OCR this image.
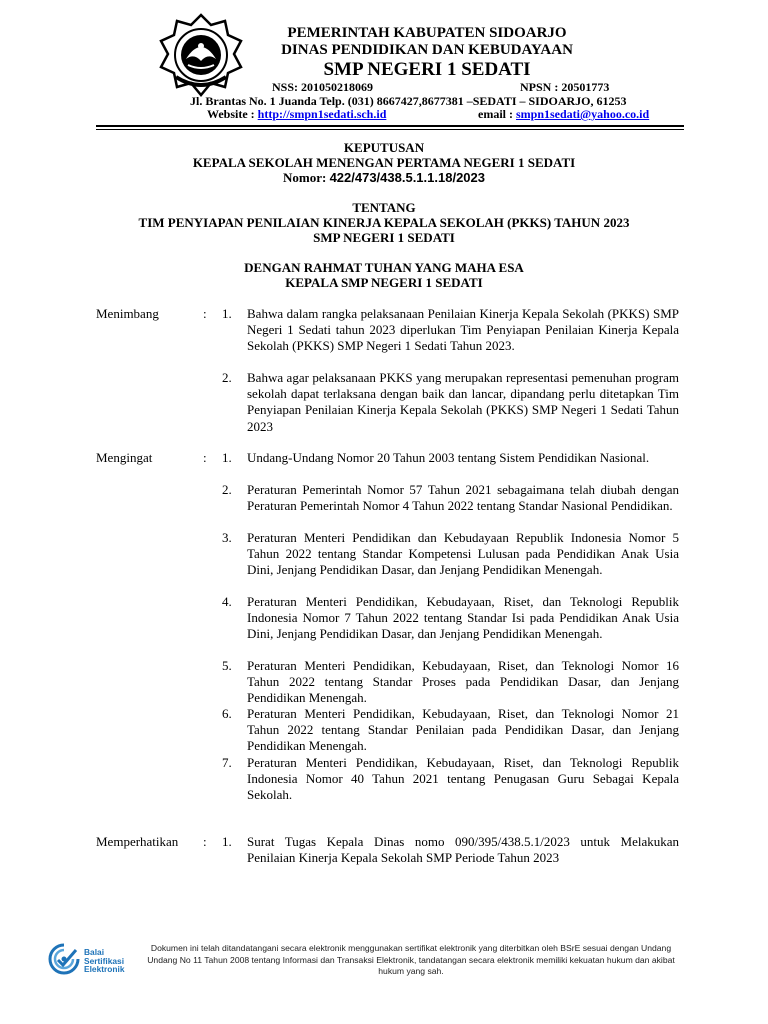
PEMERINTAH KABUPATEN SIDOARJO
DINAS PENDIDIKAN DAN KEBUDAYAAN
SMP NEGERI 1 SEDATI
NSS: 201050218069	NPSN : 20501773
Jl. Brantas No. 1 Juanda Telp. (031) 8667427,8677381 –SEDATI – SIDOARJO, 61253
Website : http://smpn1sedati.sch.id	email : smpn1sedati@yahoo.co.id
KEPUTUSAN
KEPALA SEKOLAH MENENGAN PERTAMA NEGERI 1 SEDATI
Nomor: 422/473/438.5.1.1.18/2023
TENTANG
TIM PENYIAPAN PENILAIAN KINERJA KEPALA SEKOLAH (PKKS) TAHUN 2023
SMP NEGERI 1 SEDATI
DENGAN RAHMAT TUHAN YANG MAHA ESA
KEPALA SMP NEGERI 1 SEDATI
Menimbang	: 1. Bahwa dalam rangka pelaksanaan Penilaian Kinerja Kepala Sekolah (PKKS) SMP Negeri 1 Sedati tahun 2023 diperlukan Tim Penyiapan Penilaian Kinerja Kepala Sekolah (PKKS) SMP Negeri 1 Sedati Tahun 2023.
2. Bahwa agar pelaksanaan PKKS yang merupakan representasi pemenuhan program sekolah dapat terlaksana dengan baik dan lancar, dipandang perlu ditetapkan Tim Penyiapan Penilaian Kinerja Kepala Sekolah (PKKS) SMP Negeri 1 Sedati Tahun 2023
Mengingat	: 1. Undang-Undang Nomor 20 Tahun 2003 tentang Sistem Pendidikan Nasional.
2. Peraturan Pemerintah Nomor 57 Tahun 2021 sebagaimana telah diubah dengan Peraturan Pemerintah Nomor 4 Tahun 2022 tentang Standar Nasional Pendidikan.
3. Peraturan Menteri Pendidikan dan Kebudayaan Republik Indonesia Nomor 5 Tahun 2022 tentang Standar Kompetensi Lulusan pada Pendidikan Anak Usia Dini, Jenjang Pendidikan Dasar, dan Jenjang Pendidikan Menengah.
4. Peraturan Menteri Pendidikan, Kebudayaan, Riset, dan Teknologi Republik Indonesia Nomor 7 Tahun 2022 tentang Standar Isi pada Pendidikan Anak Usia Dini, Jenjang Pendidikan Dasar, dan Jenjang Pendidikan Menengah.
5. Peraturan Menteri Pendidikan, Kebudayaan, Riset, dan Teknologi Nomor 16 Tahun 2022 tentang Standar Proses pada Pendidikan Dasar, dan Jenjang Pendidikan Menengah.
6. Peraturan Menteri Pendidikan, Kebudayaan, Riset, dan Teknologi Nomor 21 Tahun 2022 tentang Standar Penilaian pada Pendidikan Dasar, dan Jenjang Pendidikan Menengah.
7. Peraturan Menteri Pendidikan, Kebudayaan, Riset, dan Teknologi Republik Indonesia Nomor 40 Tahun 2021 tentang Penugasan Guru Sebagai Kepala Sekolah.
Memperhatikan : 1. Surat Tugas Kepala Dinas nomo 090/395/438.5.1/2023 untuk Melakukan Penilaian Kinerja Kepala Sekolah SMP Periode Tahun 2023
Balai
Sertifikasi
Elektronik
Dokumen ini telah ditandatangani secara elektronik menggunakan sertifikat elektronik yang diterbitkan oleh BSrE sesuai dengan Undang Undang No 11 Tahun 2008 tentang Informasi dan Transaksi Elektronik, tandatangan secara elektronik memiliki kekuatan hukum dan akibat hukum yang sah.
